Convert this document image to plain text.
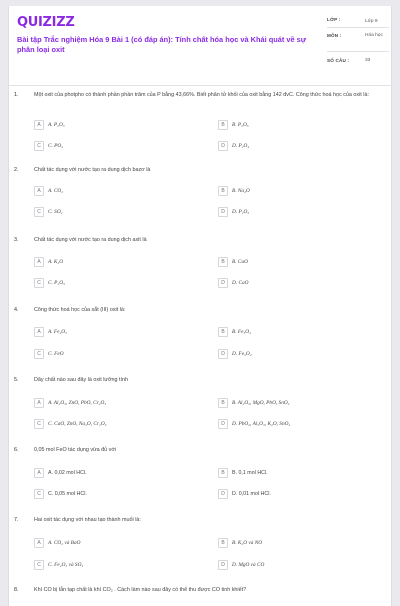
QUIZIZZ
Bài tập Trắc nghiệm Hóa 9 Bài 1 (có đáp án): Tính chất hóa học và Khái quát về sự phân loại oxit
LỚP :	Lớp 9
MÔN :	Hóa học
SỐ CÂU :	33
1.	Một oxit của photpho có thành phần phần trăm của P bằng 43,66%. Biết phân tử khối của oxit bằng 142 đvC. Công thức hoá học của oxit là:
A	A. P₂O₃	B	B. P₂O₅
C	C. PO₂	D	D. P₂O₄
2.	Chất tác dụng với nước tạo ra dung dịch bazơ là
A	A. CO₂	B	B. Na₂O
C	C. SO₂	D	D. P₂O₅
3.	Chất tác dụng với nước tạo ra dung dịch axit là
A	A. K₂O	B	B. CuO
C	C. P₂O₅	D	D. CaO
4.	Công thức hoá học của sắt (III) oxit là:
A	A. Fe₂O₃	B	B. Fe₃O₄
C	C. FeO	D	D. Fe₃O₂
5.	Dãy chất nào sau đây là oxit lưỡng tính
A	A. Al₂O₃, ZnO, PbO, Cr₂O₃	B	B. Al₂O₃, MgO, PbO, SnO₂
C	C. CaO, ZnO, Na₂O, Cr₂O₃	D	D. PbO₂, Al₂O₃, K₂O, SnO₂
6.	0,05 mol FeO tác dụng vừa đủ với
A	A. 0,02 mol HCl.	B	B. 0,1 mol HCl.
C	C. 0,05 mol HCl.	D	D. 0,01 mol HCl.
7.	Hai oxit tác dụng với nhau tạo thành muối là:
A	A. CO₂ và BaO	B	B. K₂O và NO
C	C. Fe₂O₃ và SO₃	D	D. MgO và CO
8.	Khí CO bị lẫn tạp chất là khí CO₂ . Cách làm nào sau đây có thể thu được CO tinh khiết?
